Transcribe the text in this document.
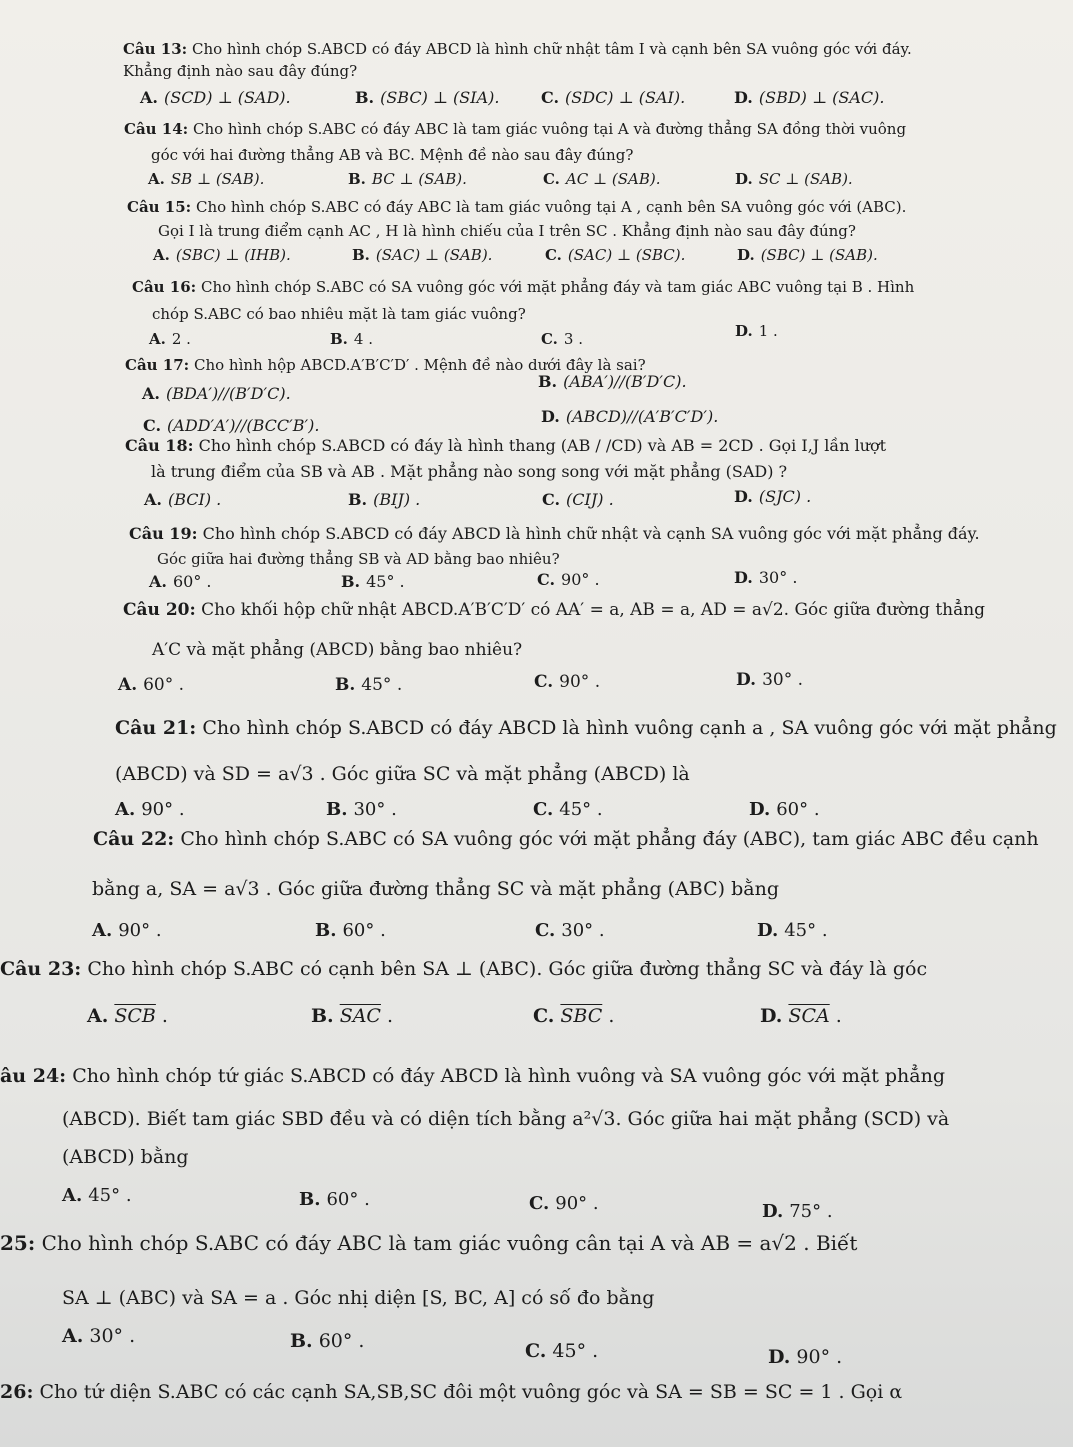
Câu 13: Cho hình chóp S.ABCD có đáy ABCD là hình chữ nhật tâm I và cạnh bên SA vuông góc với đáy.
Khẳng định nào sau đây đúng?
A. (SCD) ⊥ (SAD).	B. (SBC) ⊥ (SIA).	C. (SDC) ⊥ (SAI).	D. (SBD) ⊥ (SAC).
Câu 14: Cho hình chóp S.ABC có đáy ABC là tam giác vuông tại A và đường thẳng SA đồng thời vuông
góc với hai đường thẳng AB và BC. Mệnh đề nào sau đây đúng?
A. SB ⊥ (SAB).	B. BC ⊥ (SAB).	C. AC ⊥ (SAB).	D. SC ⊥ (SAB).
Câu 15: Cho hình chóp S.ABC có đáy ABC là tam giác vuông tại A , cạnh bên SA vuông góc với (ABC).
Gọi I là trung điểm cạnh AC , H là hình chiếu của I trên SC . Khẳng định nào sau đây đúng?
A. (SBC) ⊥ (IHB).	B. (SAC) ⊥ (SAB).	C. (SAC) ⊥ (SBC).	D. (SBC) ⊥ (SAB).
Câu 16: Cho hình chóp S.ABC có SA vuông góc với mặt phẳng đáy và tam giác ABC vuông tại B . Hình
chóp S.ABC có bao nhiêu mặt là tam giác vuông?
A. 2 .	B. 4 .	C. 3 .	D. 1 .
Câu 17: Cho hình hộp ABCD.A′B′C′D′ . Mệnh đề nào dưới đây là sai?
A. (BDA′)//(B′D′C).
B. (ABA′)//(B′D′C).
C. (ADD′A′)//(BCC′B′).	D. (ABCD)//(A′B′C′D′).
Câu 18: Cho hình chóp S.ABCD có đáy là hình thang (AB / /CD) và AB = 2CD . Gọi I,J lần lượt
là trung điểm của SB và AB . Mặt phẳng nào song song với mặt phẳng (SAD) ?
A. (BCI) .	B. (BIJ) .	C. (CIJ) .	D. (SJC) .
Câu 19: Cho hình chóp S.ABCD có đáy ABCD là hình chữ nhật và cạnh SA vuông góc với mặt phẳng đáy.
Góc giữa hai đường thẳng SB và AD bằng bao nhiêu?
A. 60° .	B. 45° .	C. 90° .	D. 30° .
Câu 20: Cho khối hộp chữ nhật ABCD.A′B′C′D′ có AA′ = a, AB = a, AD = a√2. Góc giữa đường thẳng
A′C và mặt phẳng (ABCD) bằng bao nhiêu?
A. 60° .	B. 45° .	C. 90° .	D. 30° .
Câu 21: Cho hình chóp S.ABCD có đáy ABCD là hình vuông cạnh a , SA vuông góc với mặt phẳng
(ABCD) và SD = a√3 . Góc giữa SC và mặt phẳng (ABCD) là
A. 90° .	B. 30° .	C. 45° .	D. 60° .
Câu 22: Cho hình chóp S.ABC có SA vuông góc với mặt phẳng đáy (ABC), tam giác ABC đều cạnh
bằng a, SA = a√3 . Góc giữa đường thẳng SC và mặt phẳng (ABC) bằng
A. 90° .	B. 60° .	C. 30° .	D. 45° .
Câu 23: Cho hình chóp S.ABC có cạnh bên SA ⊥ (ABC). Góc giữa đường thẳng SC và đáy là góc
A. $\overline{SCB}$ .	B. $\overline{SAC}$ .	C. $\overline{SBC}$ .	D. $\overline{SCA}$ .
âu 24: Cho hình chóp tứ giác S.ABCD có đáy ABCD là hình vuông và SA vuông góc với mặt phẳng
(ABCD). Biết tam giác SBD đều và có diện tích bằng a²√3. Góc giữa hai mặt phẳng (SCD) và
(ABCD) bằng
A. 45° .	B. 60° .	C. 90° .	D. 75° .
25: Cho hình chóp S.ABC có đáy ABC là tam giác vuông cân tại A và AB = a√2 . Biết
SA ⊥ (ABC) và SA = a . Góc nhị diện [S, BC, A] có số đo bằng
A. 30° .	B. 60° .	C. 45° .	D. 90° .
26: Cho tứ diện S.ABC có các cạnh SA,SB,SC đôi một vuông góc và SA = SB = SC = 1 . Gọi α
